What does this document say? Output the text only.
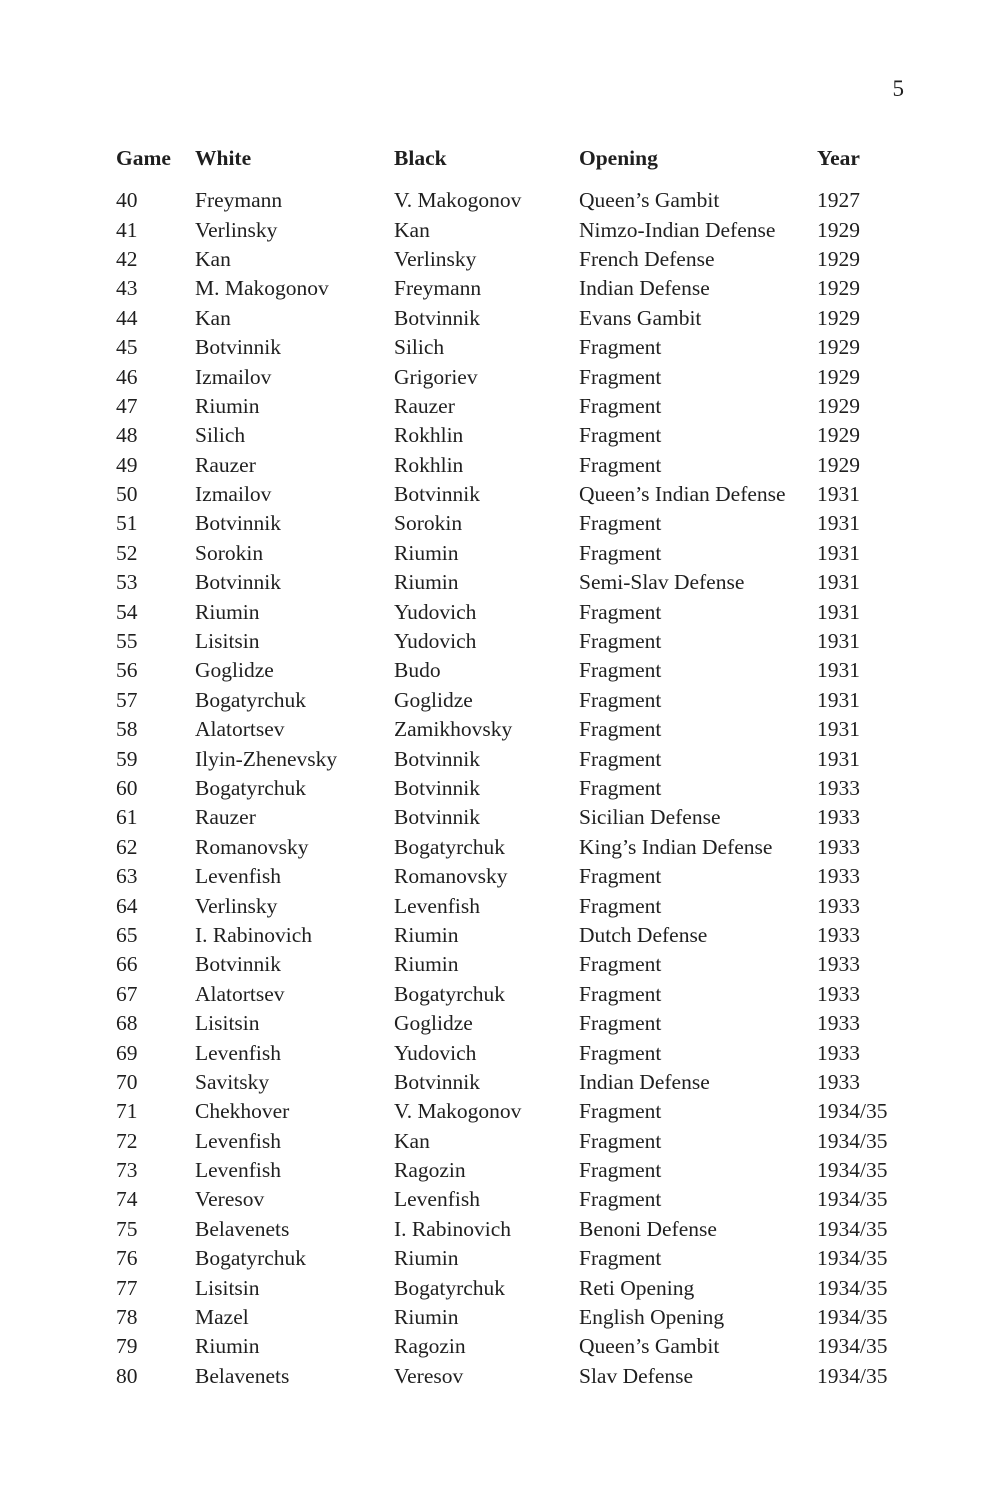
5
Game	White	Black	Opening	Year
40	Freymann	V. Makogonov	Queen’s Gambit	1927
41	Verlinsky	Kan	Nimzo-Indian Defense	1929
42	Kan	Verlinsky	French Defense	1929
43	M. Makogonov	Freymann	Indian Defense	1929
44	Kan	Botvinnik	Evans Gambit	1929
45	Botvinnik	Silich	Fragment	1929
46	Izmailov	Grigoriev	Fragment	1929
47	Riumin	Rauzer	Fragment	1929
48	Silich	Rokhlin	Fragment	1929
49	Rauzer	Rokhlin	Fragment	1929
50	Izmailov	Botvinnik	Queen’s Indian Defense	1931
51	Botvinnik	Sorokin	Fragment	1931
52	Sorokin	Riumin	Fragment	1931
53	Botvinnik	Riumin	Semi-Slav Defense	1931
54	Riumin	Yudovich	Fragment	1931
55	Lisitsin	Yudovich	Fragment	1931
56	Goglidze	Budo	Fragment	1931
57	Bogatyrchuk	Goglidze	Fragment	1931
58	Alatortsev	Zamikhovsky	Fragment	1931
59	Ilyin-Zhenevsky	Botvinnik	Fragment	1931
60	Bogatyrchuk	Botvinnik	Fragment	1933
61	Rauzer	Botvinnik	Sicilian Defense	1933
62	Romanovsky	Bogatyrchuk	King’s Indian Defense	1933
63	Levenfish	Romanovsky	Fragment	1933
64	Verlinsky	Levenfish	Fragment	1933
65	I. Rabinovich	Riumin	Dutch Defense	1933
66	Botvinnik	Riumin	Fragment	1933
67	Alatortsev	Bogatyrchuk	Fragment	1933
68	Lisitsin	Goglidze	Fragment	1933
69	Levenfish	Yudovich	Fragment	1933
70	Savitsky	Botvinnik	Indian Defense	1933
71	Chekhover	V. Makogonov	Fragment	1934/35
72	Levenfish	Kan	Fragment	1934/35
73	Levenfish	Ragozin	Fragment	1934/35
74	Veresov	Levenfish	Fragment	1934/35
75	Belavenets	I. Rabinovich	Benoni Defense	1934/35
76	Bogatyrchuk	Riumin	Fragment	1934/35
77	Lisitsin	Bogatyrchuk	Reti Opening	1934/35
78	Mazel	Riumin	English Opening	1934/35
79	Riumin	Ragozin	Queen’s Gambit	1934/35
80	Belavenets	Veresov	Slav Defense	1934/35
